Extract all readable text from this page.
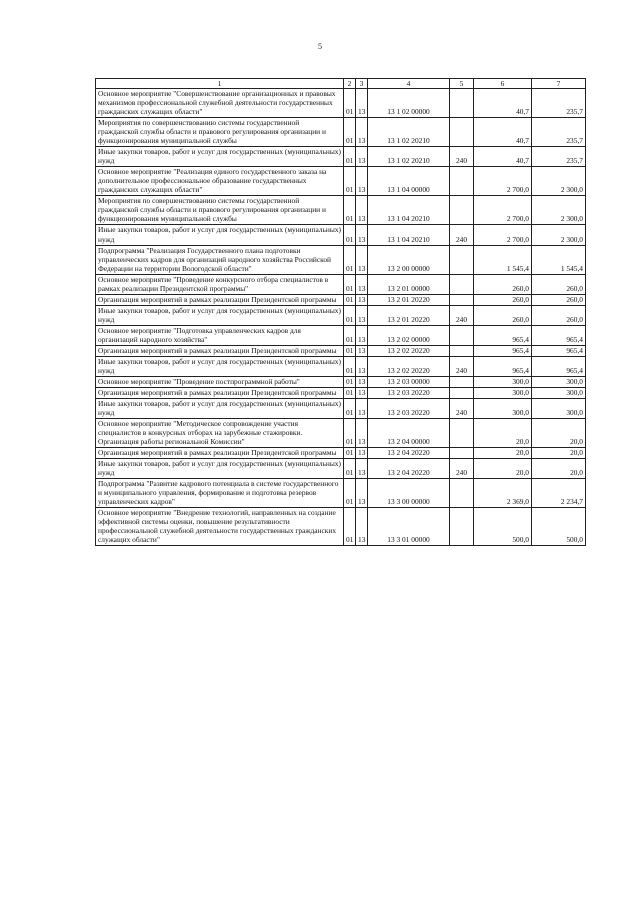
5
1	2	3	4	5	6	7
Основное мероприятие "Совершенствование организационных и правовых механизмов профессиональной служебной деятельности государственных гражданских служащих области"	01	13	13 1 02 00000		40,7	235,7
Мероприятия по совершенствованию системы государственной гражданской службы области и правового регулирования организации и функционирования муниципальной службы	01	13	13 1 02 20210		40,7	235,7
Иные закупки товаров, работ и услуг для государственных (муниципальных) нужд	01	13	13 1 02 20210	240	40,7	235,7
Основное мероприятие "Реализация единого государственного заказа на дополнительное профессиональное образование государственных гражданских служащих области"	01	13	13 1 04 00000		2 700,0	2 300,0
Мероприятия по совершенствованию системы государственной гражданской службы области и правового регулирования организации и функционирования муниципальной службы	01	13	13 1 04 20210		2 700,0	2 300,0
Иные закупки товаров, работ и услуг для государственных (муниципальных) нужд	01	13	13 1 04 20210	240	2 700,0	2 300,0
Подпрограмма "Реализация Государственного плана подготовки управленческих кадров для организаций народного хозяйства Российской Федерации на территории Вологодской области"	01	13	13 2 00 00000		1 545,4	1 545,4
Основное мероприятие "Проведение конкурсного отбора специалистов в рамках реализации Президентской программы"	01	13	13 2 01 00000		260,0	260,0
Организация мероприятий в рамках реализации Президентской программы	01	13	13 2 01 20220		260,0	260,0
Иные закупки товаров, работ и услуг для государственных (муниципальных) нужд	01	13	13 2 01 20220	240	260,0	260,0
Основное мероприятие "Подготовка управленческих кадров для организаций народного хозяйства"	01	13	13 2 02 00000		965,4	965,4
Организация мероприятий в рамках реализации Президентской программы	01	13	13 2 02 20220		965,4	965,4
Иные закупки товаров, работ и услуг для государственных (муниципальных) нужд	01	13	13 2 02 20220	240	965,4	965,4
Основное мероприятие "Проведение постпрограммной работы"	01	13	13 2 03 00000		300,0	300,0
Организация мероприятий в рамках реализации Президентской программы	01	13	13 2 03 20220		300,0	300,0
Иные закупки товаров, работ и услуг для государственных (муниципальных) нужд	01	13	13 2 03 20220	240	300,0	300,0
Основное мероприятие "Методическое сопровождение участия специалистов в конкурсных отборах на зарубежные стажировки. Организация работы региональной Комиссии"	01	13	13 2 04 00000		20,0	20,0
Организация мероприятий в рамках реализации Президентской программы	01	13	13 2 04 20220		20,0	20,0
Иные закупки товаров, работ и услуг для государственных (муниципальных) нужд	01	13	13 2 04 20220	240	20,0	20,0
Подпрограмма "Развитие кадрового потенциала в системе государственного и муниципального управления, формирование и подготовка резервов управленческих кадров"	01	13	13 3 00 00000		2 369,0	2 234,7
Основное мероприятие "Внедрение технологий, направленных на создание эффективной системы оценки, повышение результативности профессиональной служебной деятельности государственных гражданских служащих области"	01	13	13 3 01 00000		500,0	500,0
